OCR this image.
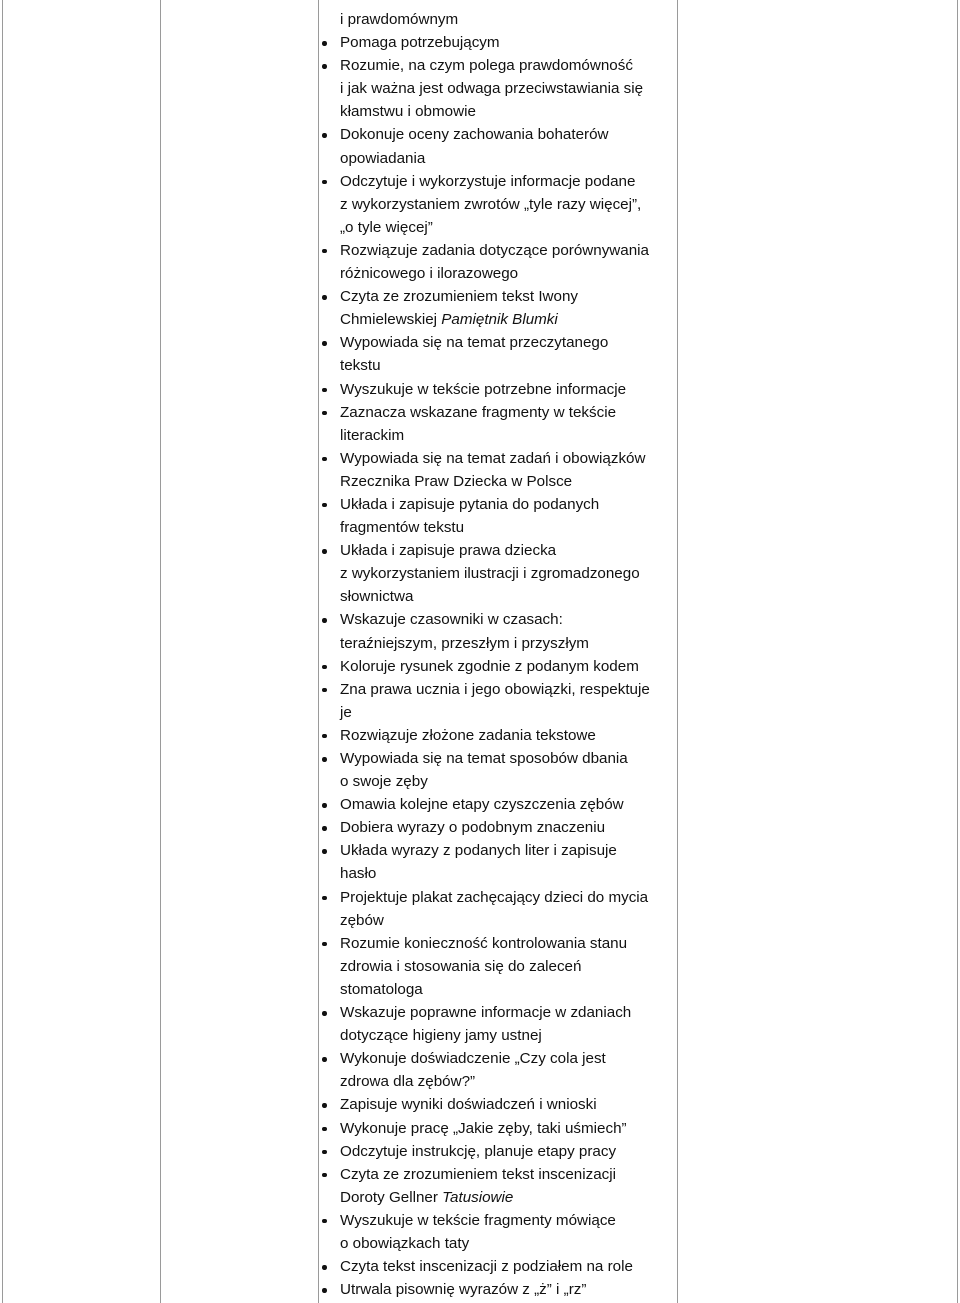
i prawdomównym
Pomaga potrzebującym
Rozumie, na czym polega prawdomówność
i jak ważna jest odwaga przeciwstawiania się
kłamstwu i obmowie
Dokonuje oceny zachowania bohaterów
opowiadania
Odczytuje i wykorzystuje informacje podane
z wykorzystaniem zwrotów „tyle razy więcej”,
„o tyle więcej”
Rozwiązuje zadania dotyczące porównywania
różnicowego i ilorazowego
Czyta ze zrozumieniem tekst Iwony
Chmielewskiej Pamiętnik Blumki
Wypowiada się na temat przeczytanego
tekstu
Wyszukuje w tekście potrzebne informacje
Zaznacza wskazane fragmenty w tekście
literackim
Wypowiada się na temat zadań i obowiązków
Rzecznika Praw Dziecka w Polsce
Układa i zapisuje pytania do podanych
fragmentów tekstu
Układa i zapisuje prawa dziecka
z wykorzystaniem ilustracji i zgromadzonego
słownictwa
Wskazuje czasowniki w czasach:
teraźniejszym, przeszłym i przyszłym
Koloruje rysunek zgodnie z podanym kodem
Zna prawa ucznia i jego obowiązki, respektuje
je
Rozwiązuje złożone zadania tekstowe
Wypowiada się na temat sposobów dbania
o swoje zęby
Omawia kolejne etapy czyszczenia zębów
Dobiera wyrazy o podobnym znaczeniu
Układa wyrazy z podanych liter i zapisuje
hasło
Projektuje plakat zachęcający dzieci do mycia
zębów
Rozumie konieczność kontrolowania stanu
zdrowia i stosowania się do zaleceń
stomatologa
Wskazuje poprawne informacje w zdaniach
dotyczące higieny jamy ustnej
Wykonuje doświadczenie „Czy cola jest
zdrowa dla zębów?”
Zapisuje wyniki doświadczeń i wnioski
Wykonuje pracę „Jakie zęby, taki uśmiech”
Odczytuje instrukcję, planuje etapy pracy
Czyta ze zrozumieniem tekst inscenizacji
Doroty Gellner Tatusiowie
Wyszukuje w tekście fragmenty mówiące
o obowiązkach taty
Czyta tekst inscenizacji z podziałem na role
Utrwala pisownię wyrazów z „ż” i „rz”
